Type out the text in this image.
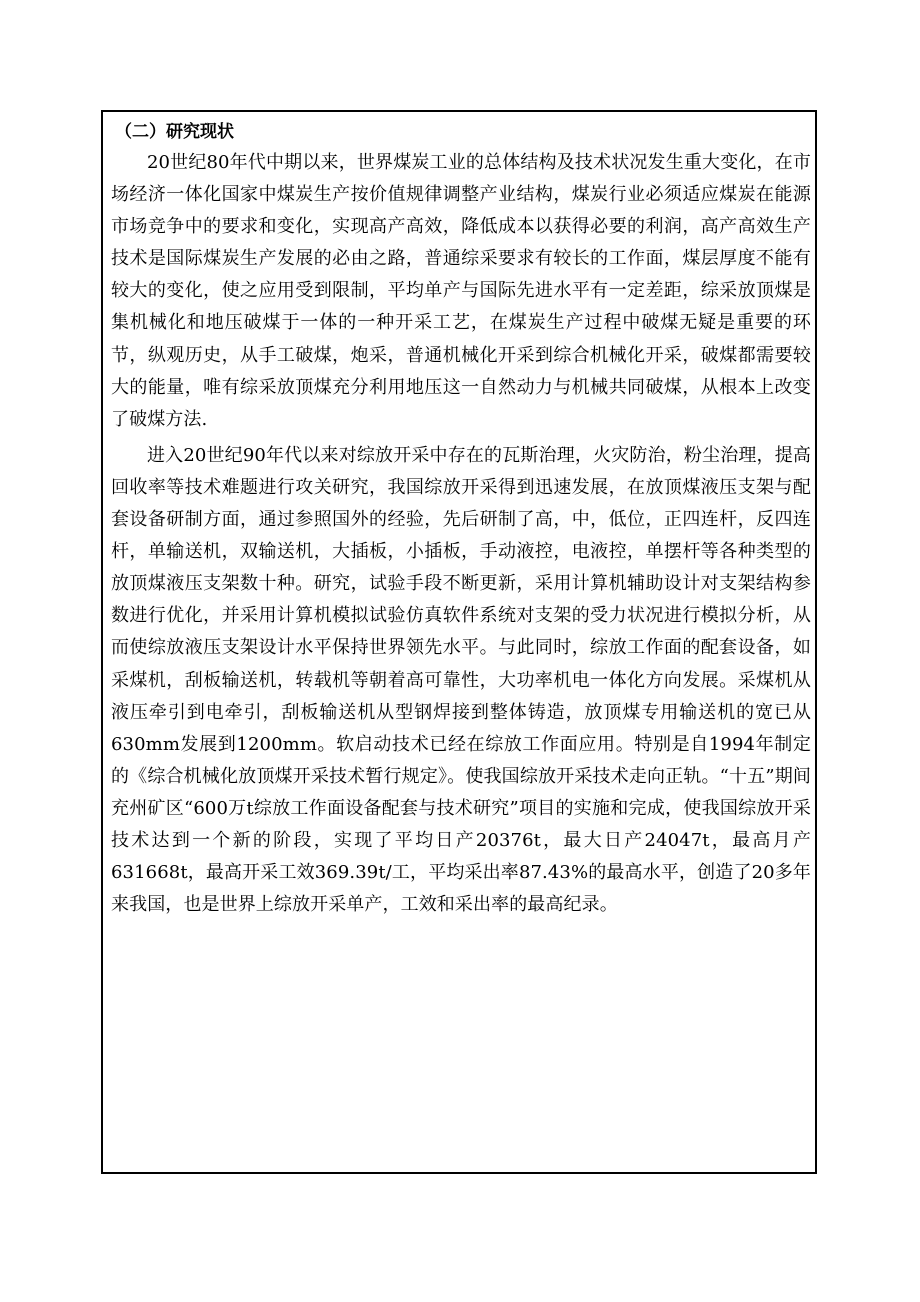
（二）研究现状

20世纪80年代中期以来，世界煤炭工业的总体结构及技术状况发生重大变化，在市场经济一体化国家中煤炭生产按价值规律调整产业结构，煤炭行业必须适应煤炭在能源市场竞争中的要求和变化，实现高产高效，降低成本以获得必要的利润，高产高效生产技术是国际煤炭生产发展的必由之路，普通综采要求有较长的工作面，煤层厚度不能有较大的变化，使之应用受到限制，平均单产与国际先进水平有一定差距，综采放顶煤是集机械化和地压破煤于一体的一种开采工艺，在煤炭生产过程中破煤无疑是重要的环节，纵观历史，从手工破煤，炮采，普通机械化开采到综合机械化开采，破煤都需要较大的能量，唯有综采放顶煤充分利用地压这一自然动力与机械共同破煤，从根本上改变了破煤方法.

进入20世纪90年代以来对综放开采中存在的瓦斯治理，火灾防治，粉尘治理，提高回收率等技术难题进行攻关研究，我国综放开采得到迅速发展，在放顶煤液压支架与配套设备研制方面，通过参照国外的经验，先后研制了高，中，低位，正四连杆，反四连杆，单输送机，双输送机，大插板，小插板，手动液控，电液控，单摆杆等各种类型的放顶煤液压支架数十种。研究，试验手段不断更新，采用计算机辅助设计对支架结构参数进行优化，并采用计算机模拟试验仿真软件系统对支架的受力状况进行模拟分析，从而使综放液压支架设计水平保持世界领先水平。与此同时，综放工作面的配套设备，如采煤机，刮板输送机，转载机等朝着高可靠性，大功率机电一体化方向发展。采煤机从液压牵引到电牵引，刮板输送机从型钢焊接到整体铸造，放顶煤专用输送机的宽已从630mm发展到1200mm。软启动技术已经在综放工作面应用。特别是自1994年制定的《综合机械化放顶煤开采技术暂行规定》。使我国综放开采技术走向正轨。“十五”期间充州矿区“600万t综放工作面设备配套与技术研究”项目的实施和完成，使我国综放开采技术达到一个新的阶段，实现了平均日产20376t，最大日产24047t，最高月产631668t，最高开采工效369.39t/工，平均采出率87.43%的最高水平，创造了20多年来我国，也是世界上综放开采单产，工效和采出率的最高纪录。
